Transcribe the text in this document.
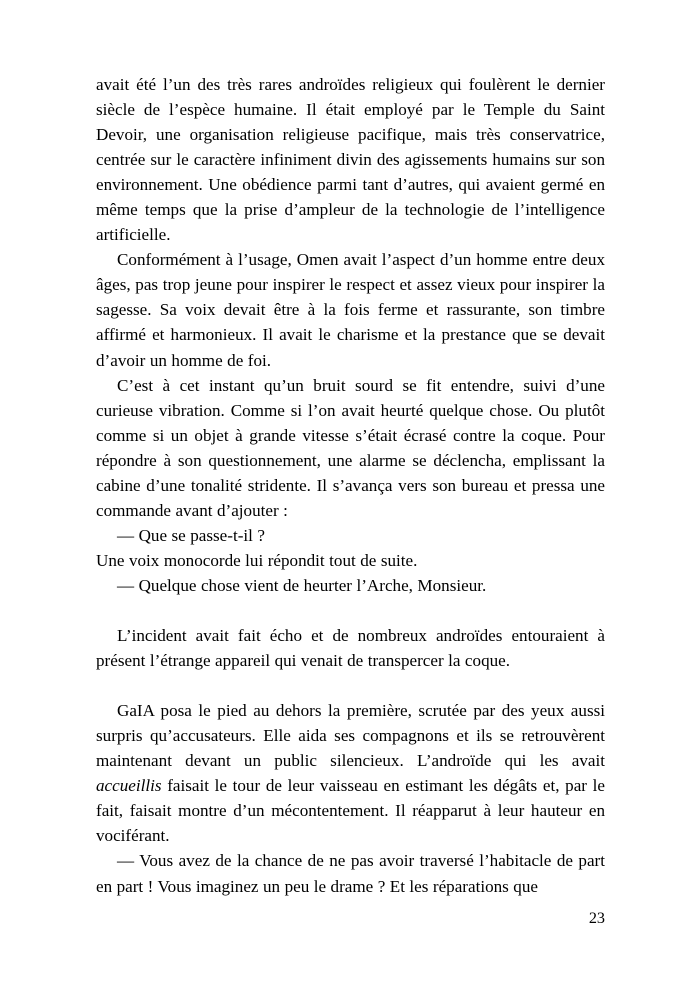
avait été l’un des très rares androïdes religieux qui foulèrent le dernier siècle de l’espèce humaine. Il était employé par le Temple du Saint Devoir, une organisation religieuse pacifique, mais très conservatrice, centrée sur le caractère infiniment divin des agissements humains sur son environnement. Une obédience parmi tant d’autres, qui avaient germé en même temps que la prise d’ampleur de la technologie de l’intelligence artificielle.

Conformément à l’usage, Omen avait l’aspect d’un homme entre deux âges, pas trop jeune pour inspirer le respect et assez vieux pour inspirer la sagesse. Sa voix devait être à la fois ferme et rassurante, son timbre affirmé et harmonieux. Il avait le charisme et la prestance que se devait d’avoir un homme de foi.

C’est à cet instant qu’un bruit sourd se fit entendre, suivi d’une curieuse vibration. Comme si l’on avait heurté quelque chose. Ou plutôt comme si un objet à grande vitesse s’était écrasé contre la coque. Pour répondre à son questionnement, une alarme se déclencha, emplissant la cabine d’une tonalité stridente. Il s’avança vers son bureau et pressa une commande avant d’ajouter :

— Que se passe-t-il ?

Une voix monocorde lui répondit tout de suite.

— Quelque chose vient de heurter l’Arche, Monsieur.

L’incident avait fait écho et de nombreux androïdes entouraient à présent l’étrange appareil qui venait de transpercer la coque.

GaIA posa le pied au dehors la première, scrutée par des yeux aussi surpris qu’accusateurs. Elle aida ses compagnons et ils se retrouvèrent maintenant devant un public silencieux. L’androïde qui les avait accueillis faisait le tour de leur vaisseau en estimant les dégâts et, par le fait, faisait montre d’un mécontentement. Il réapparut à leur hauteur en vociférant.

— Vous avez de la chance de ne pas avoir traversé l’habitacle de part en part ! Vous imaginez un peu le drame ? Et les réparations que

23
